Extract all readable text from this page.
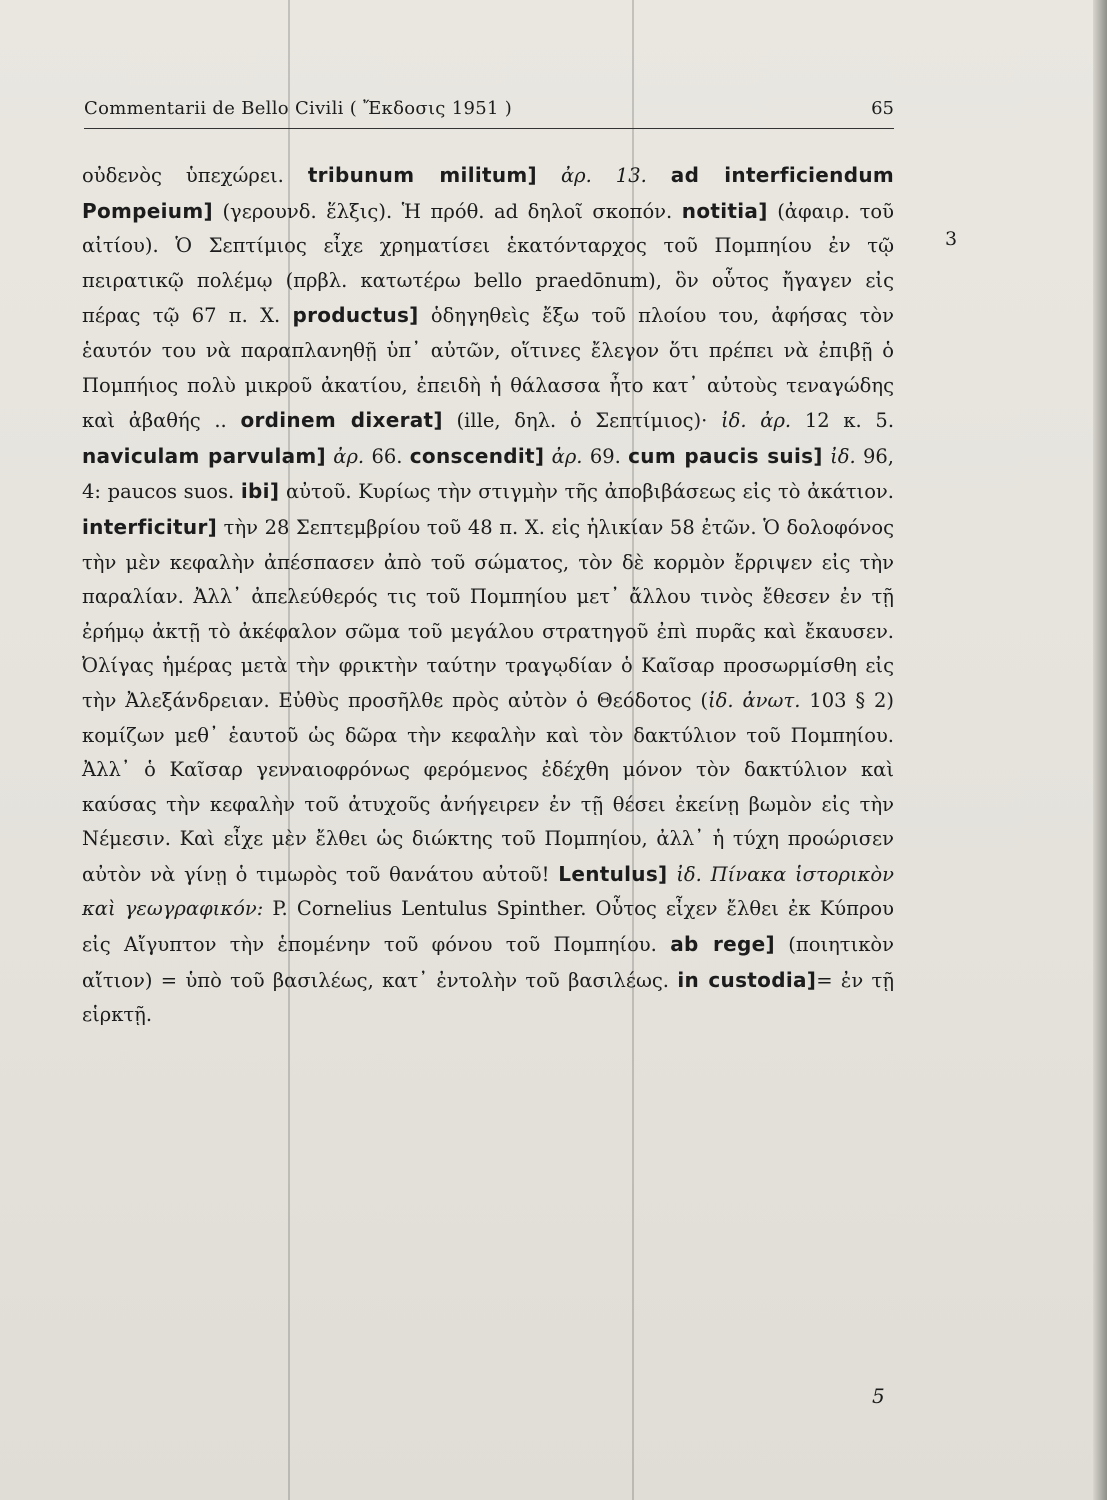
Commentarii de Bello Civili ( Ἔκδοσις 1951 )	65
3

οὐδενὸς ὑπεχώρει. tribunum militum] ἀρ. 13. ad interficiendum Pompeium] (γερουνδ. ἕλξις). Ἡ πρόθ. ad δηλοῖ σκοπόν. notitia] (ἀφαιρ. τοῦ αἰτίου). Ὁ Σεπτίμιος εἶχε χρηματίσει ἑκατόνταρχος τοῦ Πομπηίου ἐν τῷ πειρατικῷ πολέμῳ (πρβλ. κατωτέρω bello praedōnum), ὃν οὗτος ἤγαγεν εἰς πέρας τῷ 67 π. Χ. productus] ὁδηγηθεὶς ἔξω τοῦ πλοίου του, ἀφήσας τὸν ἑαυτόν του νὰ παραπλανηθῇ ὑπ᾿ αὐτῶν, οἵτινες ἔλεγον ὅτι πρέπει νὰ ἐπιβῇ ὁ Πομπήιος πολὺ μικροῦ ἀκατίου, ἐπειδὴ ἡ θάλασσα ἦτο κατ᾿ αὐτοὺς τεναγώδης καὶ ἀβαθής .. ordinem dixerat] (ille, δηλ. ὁ Σεπτίμιος)· ἰδ. ἀρ. 12 κ. 5. naviculam parvulam] ἀρ. 66. conscendit] ἀρ. 69. cum paucis suis] ἰδ. 96, 4: paucos suos. ibi] αὐτοῦ. Κυρίως τὴν στιγμὴν τῆς ἀποβιβάσεως εἰς τὸ ἀκάτιον. interficitur] τὴν 28 Σεπτεμβρίου τοῦ 48 π. Χ. εἰς ἡλικίαν 58 ἐτῶν. Ὁ δολοφόνος τὴν μὲν κεφαλὴν ἀπέσπασεν ἀπὸ τοῦ σώματος, τὸν δὲ κορμὸν ἔρριψεν εἰς τὴν παραλίαν. Ἀλλ᾿ ἀπελεύθερός τις τοῦ Πομπηίου μετ᾿ ἄλλου τινὸς ἔθεσεν ἐν τῇ ἐρήμῳ ἀκτῇ τὸ ἀκέφαλον σῶμα τοῦ μεγάλου στρατηγοῦ ἐπὶ πυρᾶς καὶ ἔκαυσεν. Ὀλίγας ἡμέρας μετὰ τὴν φρικτὴν ταύτην τραγῳδίαν ὁ Καῖσαρ προσωρμίσθη εἰς τὴν Ἀλεξάνδρειαν. Εὐθὺς προσῆλθε πρὸς αὐτὸν ὁ Θεόδοτος (ἰδ. ἀνωτ. 103 § 2) κομίζων μεθ᾿ ἑαυτοῦ ὡς δῶρα τὴν κεφαλὴν καὶ τὸν δακτύλιον τοῦ Πομπηίου. Ἀλλ᾿ ὁ Καῖσαρ γενναιοφρόνως φερόμενος ἐδέχθη μόνον τὸν δακτύλιον καὶ καύσας τὴν κεφαλὴν τοῦ ἀτυχοῦς ἀνήγειρεν ἐν τῇ θέσει ἐκείνῃ βωμὸν εἰς τὴν Νέμεσιν. Καὶ εἶχε μὲν ἔλθει ὡς διώκτης τοῦ Πομπηίου, ἀλλ᾿ ἡ τύχη προώρισεν αὐτὸν νὰ γίνῃ ὁ τιμωρὸς τοῦ θανάτου αὐτοῦ! Lentulus] ἰδ. Πίνακα ἱστορικὸν καὶ γεωγραφικόν: P. Cornelius Lentulus Spinther. Οὗτος εἶχεν ἔλθει ἐκ Κύπρου εἰς Αἴγυπτον τὴν ἑπομένην τοῦ φόνου τοῦ Πομπηίου. ab rege] (ποιητικὸν αἴτιον) = ὑπὸ τοῦ βασιλέως, κατ᾿ ἐντολὴν τοῦ βασιλέως. in custodia]= ἐν τῇ εἱρκτῇ.

5
